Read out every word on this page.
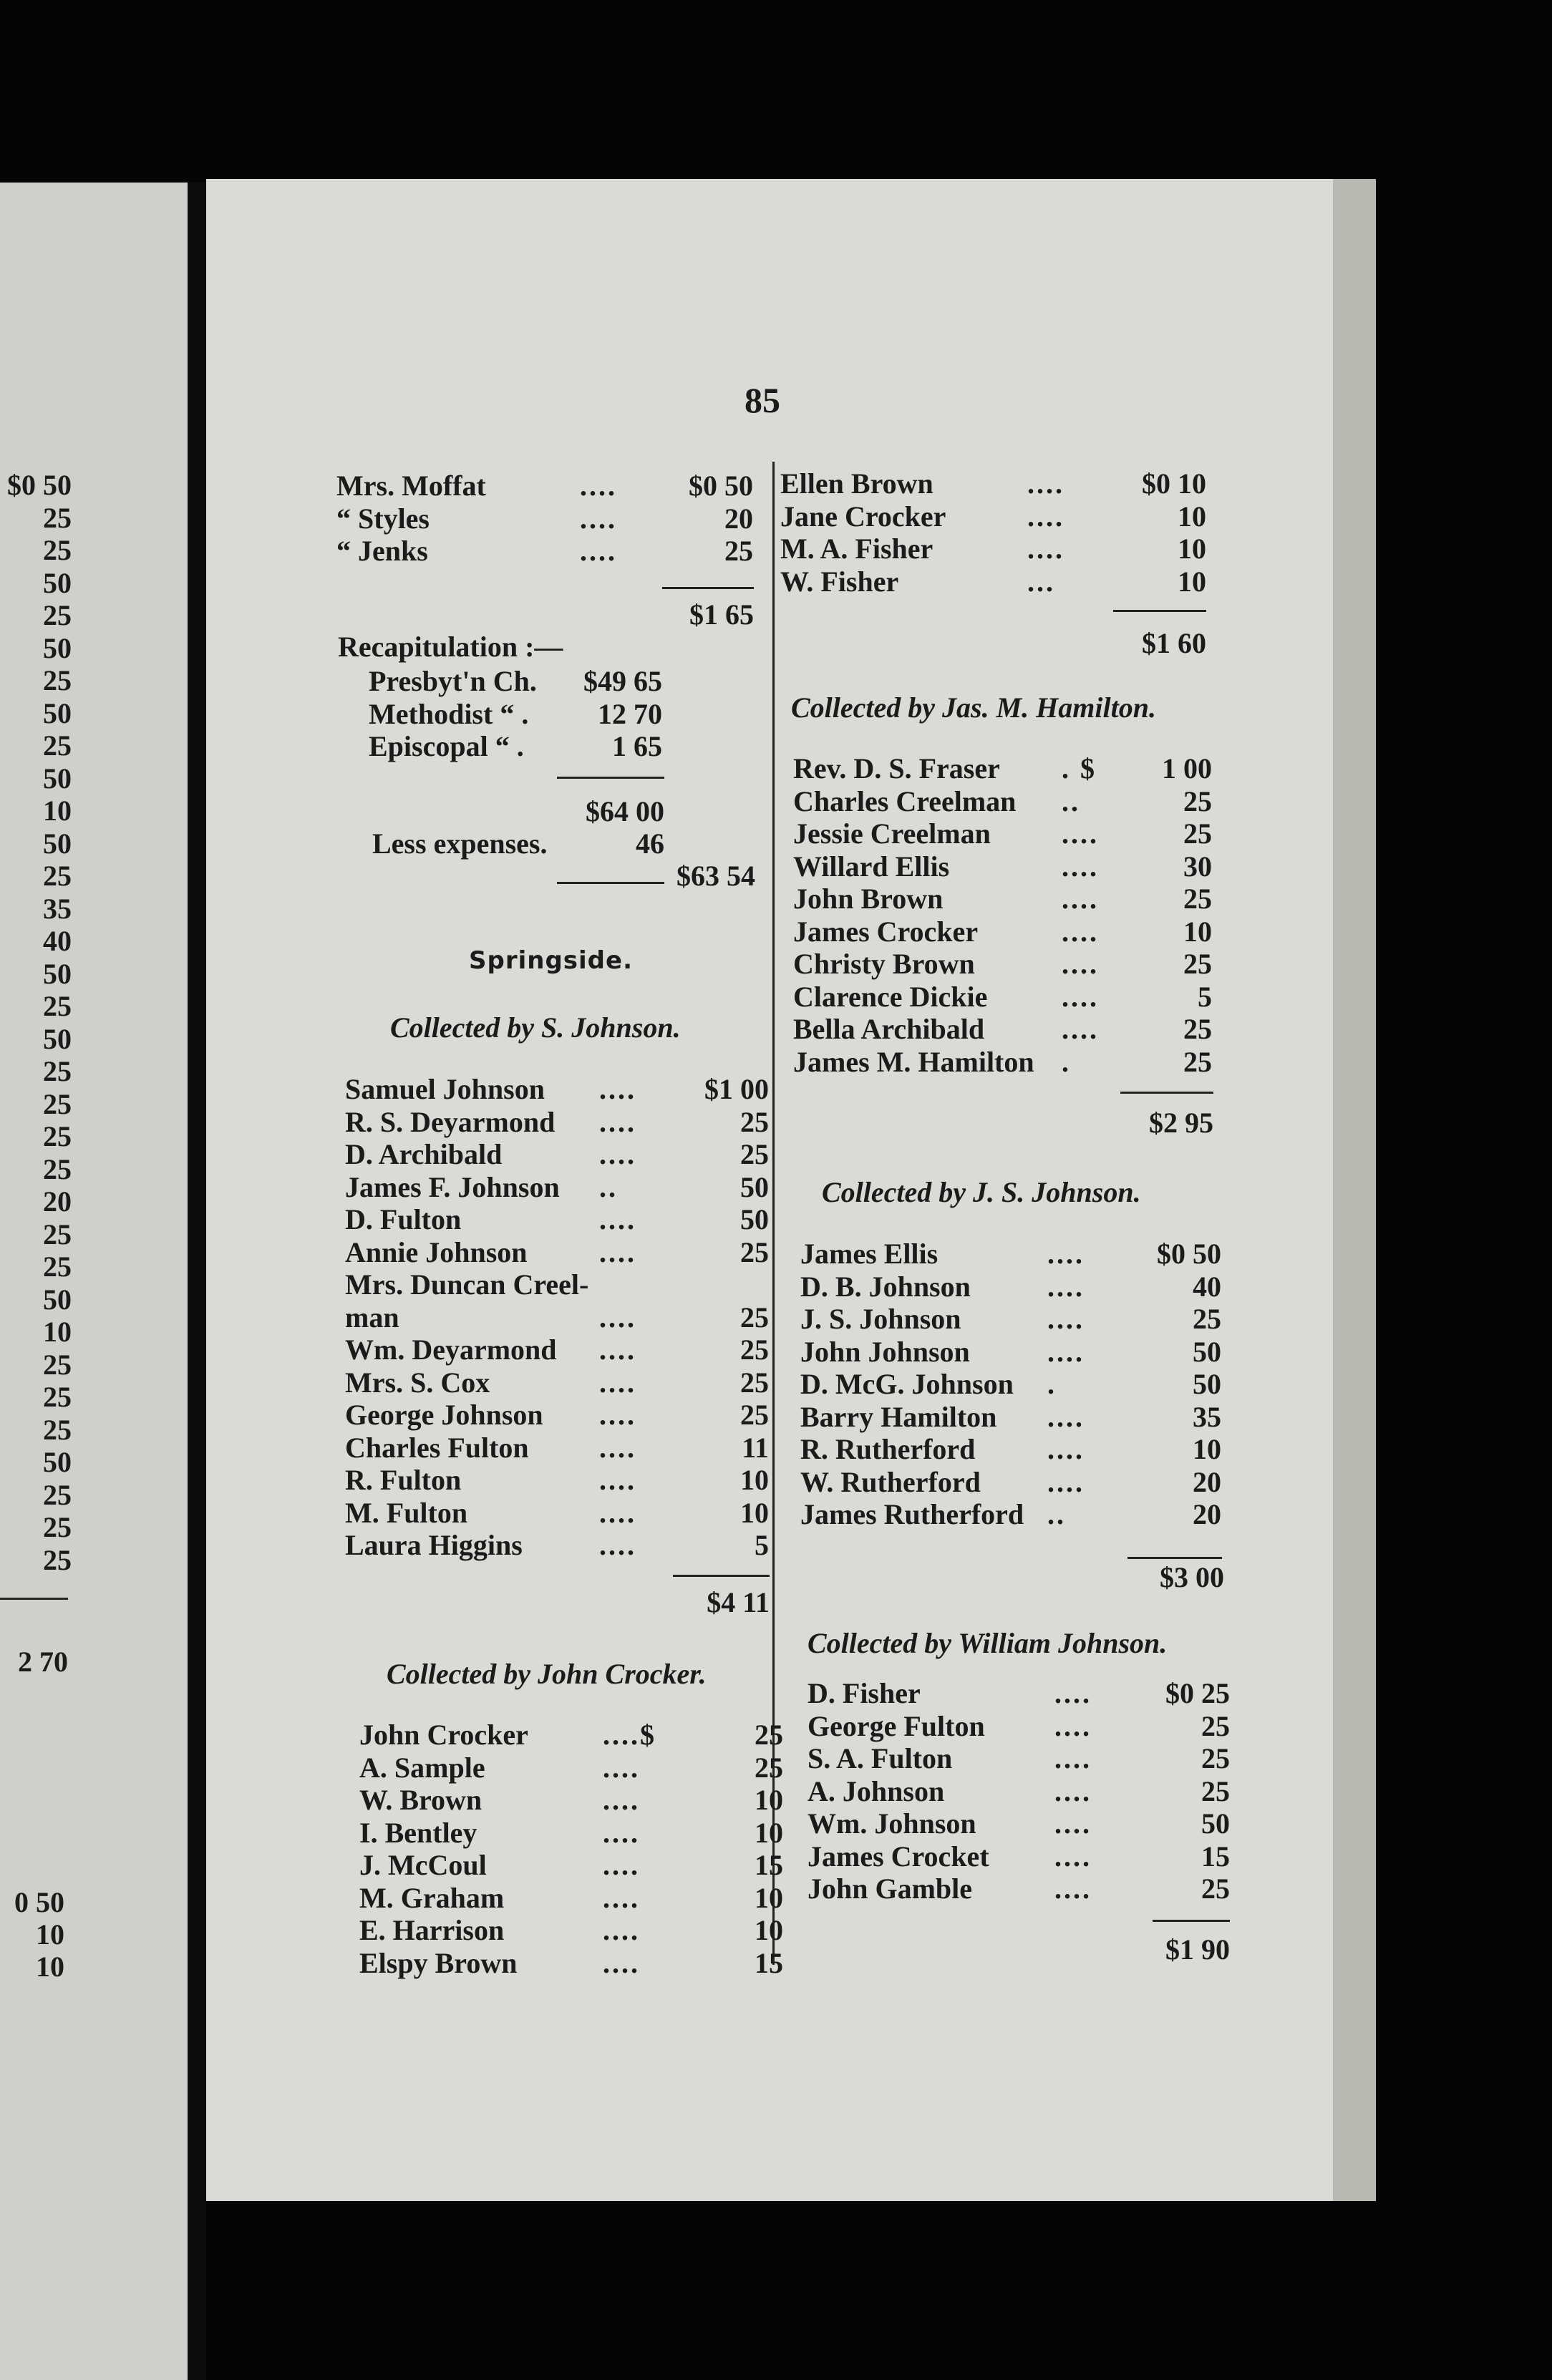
$0 50
25
25
50
25
50
25
50
25
50
10
50
25
35
40
50
25
50
25
25
25
25
20
25
25
50
10
25
25
25
50
25
25
25
2 70
0 50
10
10
85
Mrs. Moffat	....	$0 50
“ Styles	....	20
“ Jenks	....	25
$1 65
Recapitulation :—
Presbyt'n Ch. $49 65
Methodist “ . 12 70
Episcopal “ .	1 65
$64 00
Less expenses.	46
$63 54
Springside.
Collected by S. Johnson.
Samuel Johnson .... $1 00
R. S. Deyarmond ....	25
D. Archibald	....	25
James F. Johnson ..	50
D. Fulton	....	50
Annie Johnson	....	25
Mrs. Duncan Creel-
man	....	25
Wm. Deyarmond ....	25
Mrs. S. Cox	....	25
George Johnson ....	25
Charles Fulton ....	11
R. Fulton	....	10
M. Fulton	....	10
Laura Higgins	....	5
$4 11
Collected by John Crocker.
John Crocker	....$	25
A. Sample	....	25
W. Brown	....	10
I. Bentley	....	10
J. McCoul	....	15
M. Graham	....	10
E. Harrison	....	10
Elspy Brown	....	15
Ellen Brown	....	$0 10
Jane Crocker	....	10
M. A. Fisher	....	10
W. Fisher	...	10
$1 60
Collected by Jas. M. Hamilton.
Rev. D. S. Fraser . $ 1 00
Charles Creelman ..	25
Jessie Creelman ....	25
Willard Ellis	....	30
John Brown	....	25
James Crocker	....	10
Christy Brown	....	25
Clarence Dickie	....	5
Bella Archibald	....	25
James M. Hamilton .	25
$2 95
Collected by J. S. Johnson.
James Ellis	....	$0 50
D. B. Johnson	....	40
J. S. Johnson	....	25
John Johnson	....	50
D. McG. Johnson .	50
Barry Hamilton ....	35
R. Rutherford	....	10
W. Rutherford ....	20
James Rutherford ..	20
$3 00
Collected by William Johnson.
D. Fisher	....	$0 25
George Fulton ....	25
S. A. Fulton	....	25
A. Johnson	....	25
Wm. Johnson	....	50
James Crocket ....	15
John Gamble	....	25
$1 90
